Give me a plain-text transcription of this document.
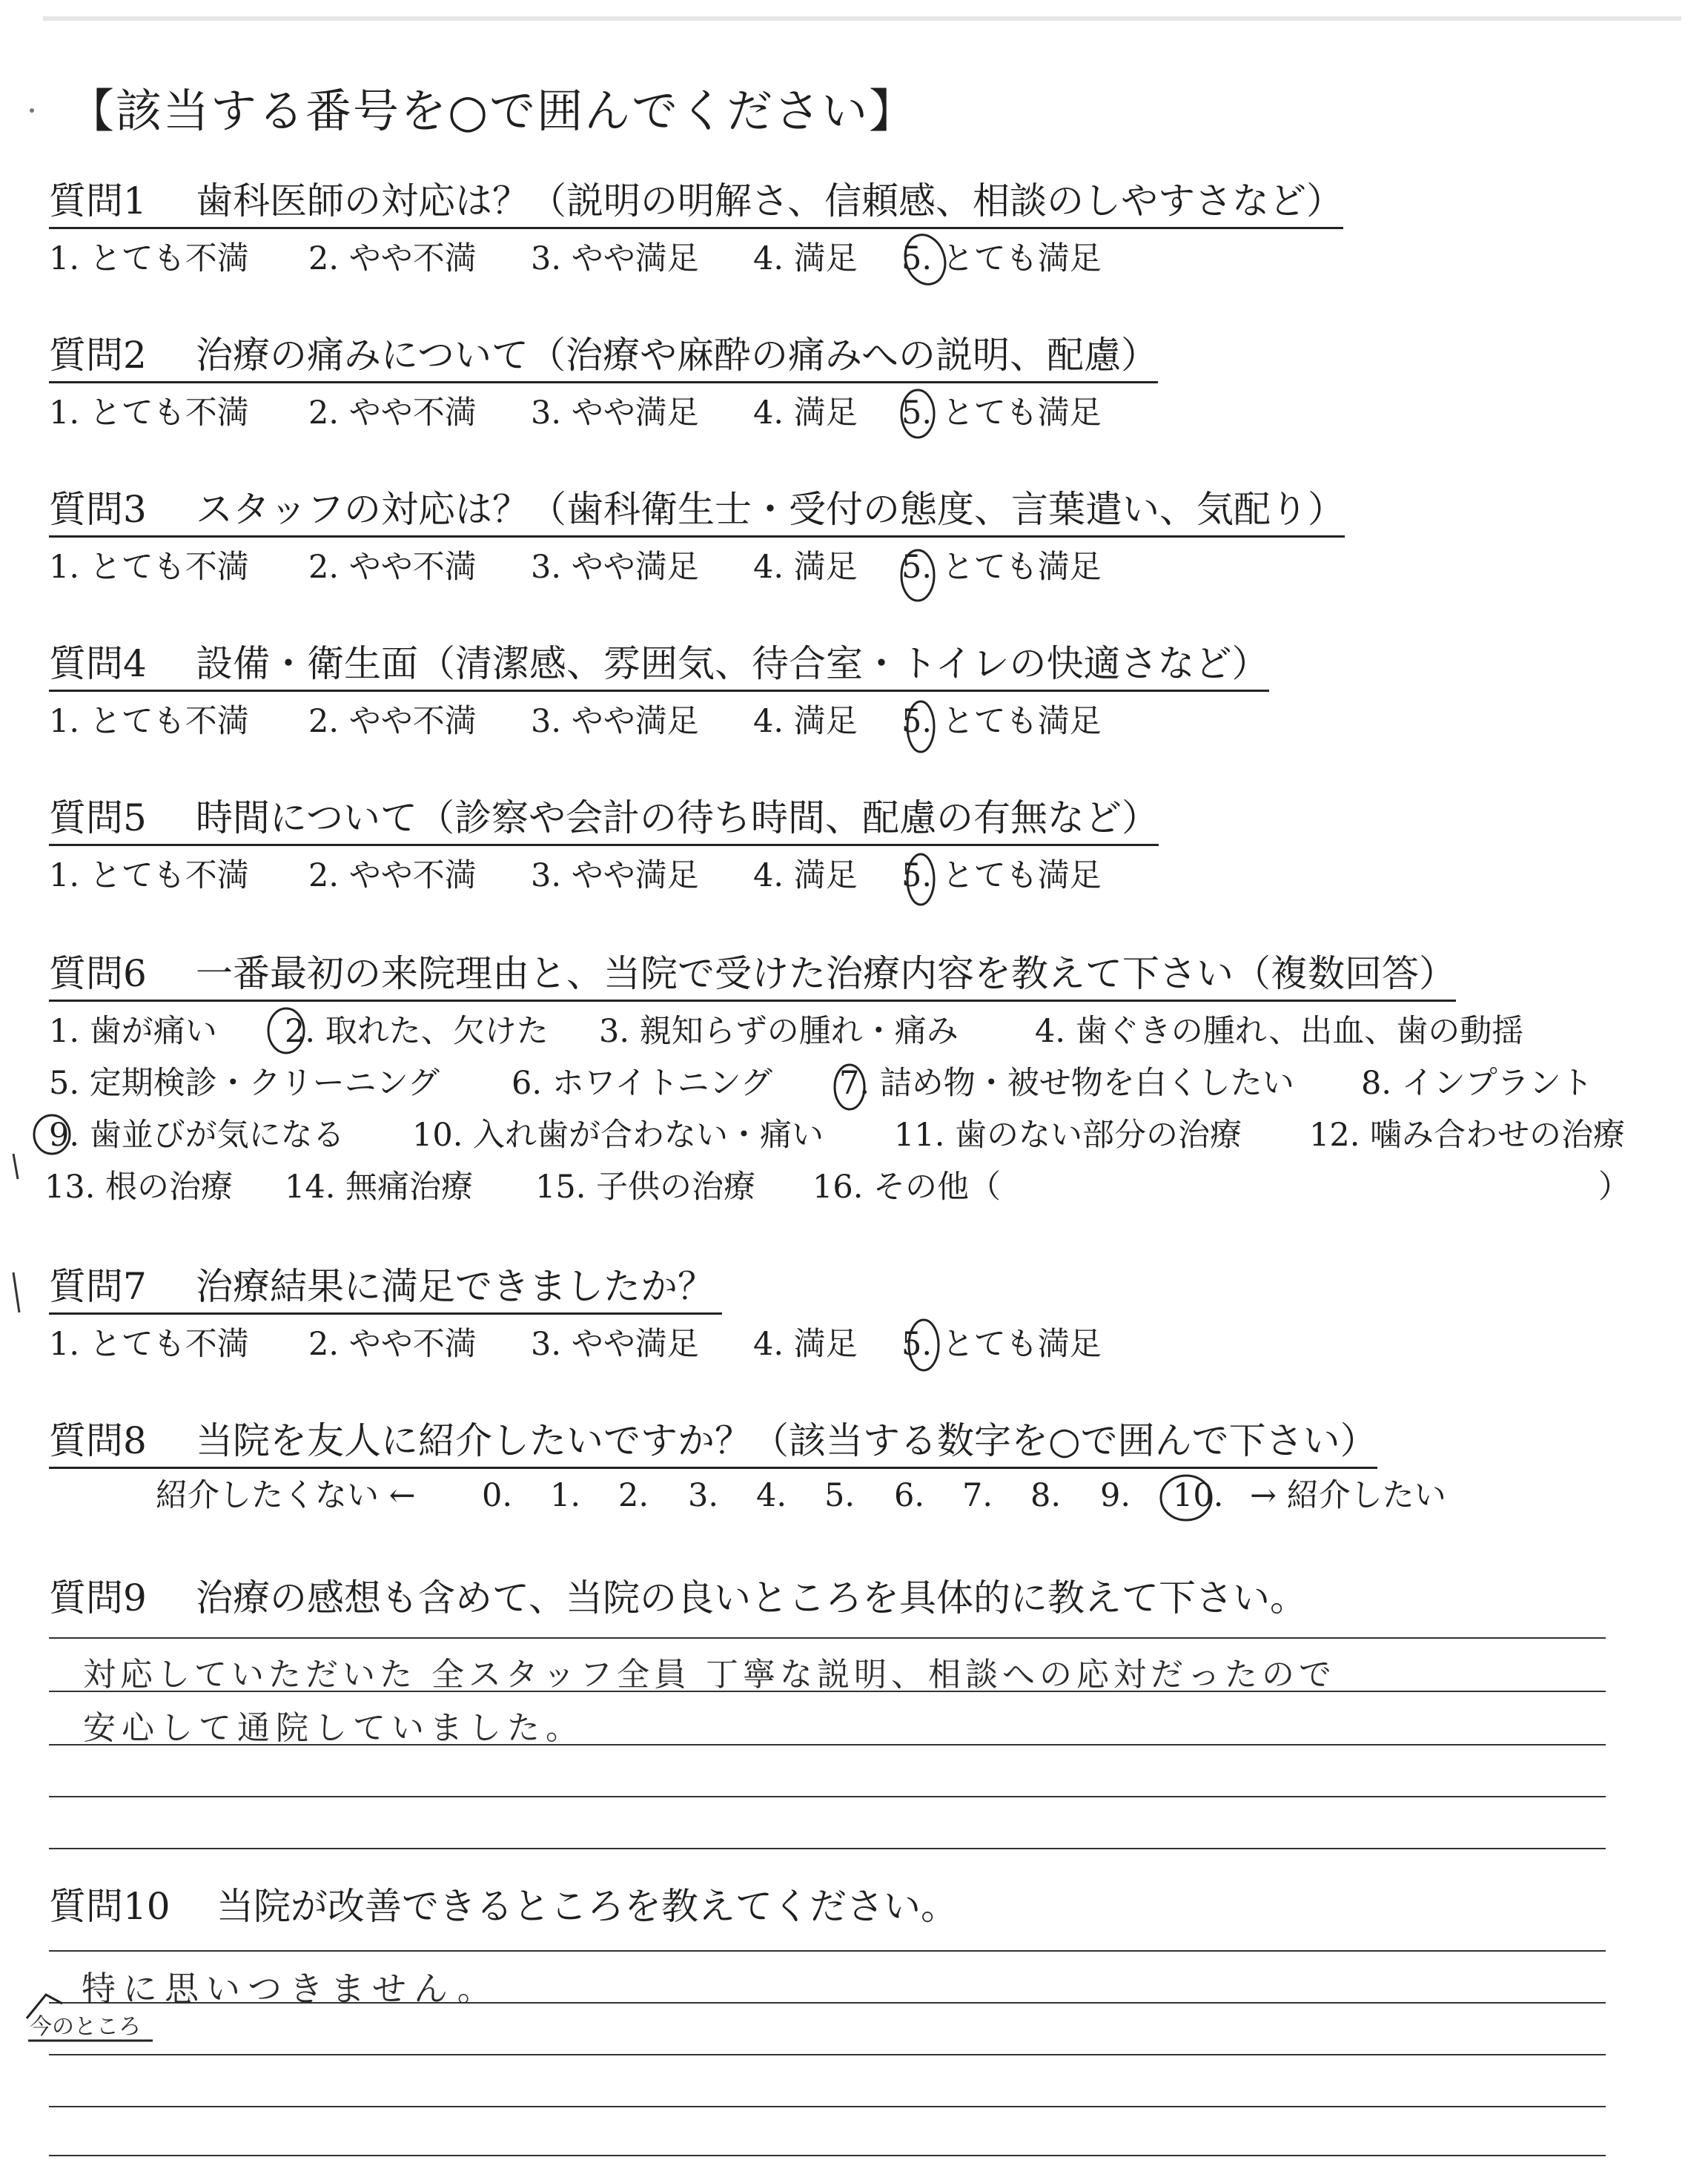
【該当する番号を○で囲んでください】
質問1 歯科医師の対応は？（説明の明解さ、信頼感、相談のしやすさなど）
1. とても不満 2. やや不満 3. やや満足 4. 満足 5. とても満足
質問2 治療の痛みについて（治療や麻酔の痛みへの説明、配慮）
1. とても不満 2. やや不満 3. やや満足 4. 満足 5. とても満足
質問3 スタッフの対応は？（歯科衛生士・受付の態度、言葉遣い、気配り）
1. とても不満 2. やや不満 3. やや満足 4. 満足 5. とても満足
質問4 設備・衛生面（清潔感、雰囲気、待合室・トイレの快適さなど）
1. とても不満 2. やや不満 3. やや満足 4. 満足 5. とても満足
質問5 時間について（診察や会計の待ち時間、配慮の有無など）
1. とても不満 2. やや不満 3. やや満足 4. 満足 5. とても満足
質問6 一番最初の来院理由と、当院で受けた治療内容を教えて下さい（複数回答）
1. 歯が痛い 2. 取れた、欠けた 3. 親知らずの腫れ・痛み 4. 歯ぐきの腫れ、出血、歯の動揺
5. 定期検診・クリーニング 6. ホワイトニング 7. 詰め物・被せ物を白くしたい 8. インプラント
9. 歯並びが気になる 10. 入れ歯が合わない・痛い 11. 歯のない部分の治療 12. 噛み合わせの治療
13. 根の治療 14. 無痛治療 15. 子供の治療 16. その他（	）
質問7 治療結果に満足できましたか？
1. とても不満 2. やや不満 3. やや満足 4. 満足 5. とても満足
質問8 当院を友人に紹介したいですか？（該当する数字を○で囲んで下さい）
紹介したくない ← 0. 1. 2. 3. 4. 5. 6. 7. 8. 9. 10. → 紹介したい
質問9 治療の感想も含めて、当院の良いところを具体的に教えて下さい。
対応していただいた 全スタッフ全員 丁寧な説明、相談への応対だったので
安心して通院していました。
質問10 当院が改善できるところを教えてください。
特に思いつきません。
今のところ
